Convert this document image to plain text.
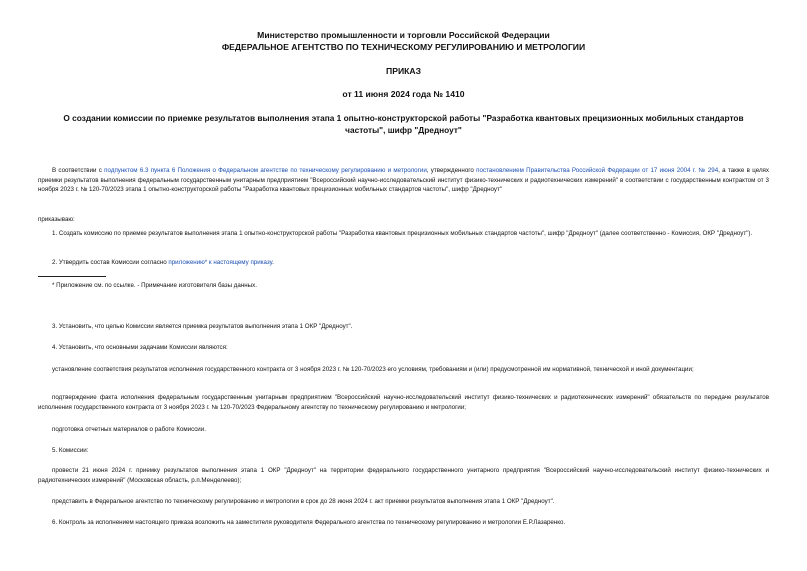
Министерство промышленности и торговли Российской Федерации
ФЕДЕРАЛЬНОЕ АГЕНТСТВО ПО ТЕХНИЧЕСКОМУ РЕГУЛИРОВАНИЮ И МЕТРОЛОГИИ
ПРИКАЗ
от 11 июня 2024 года № 1410
О создании комиссии по приемке результатов выполнения этапа 1 опытно-конструкторской работы "Разработка квантовых прецизионных мобильных стандартов
частоты", шифр "Дредноут"
В соответствии с подпунктом 6.3 пункта 6 Положения о Федеральном агентстве по техническому регулированию и метрологии, утвержденного постановлением Правительства Российской Федерации от 17 июня 2004 г. № 294, а также в целях приемки результатов выполнения федеральным государственным унитарным предприятием "Всероссийский научно-исследовательский институт физико-технических и радиотехнических измерений" в соответствии с государственным контрактом от 3 ноября 2023 г. № 120-70/2023 этапа 1 опытно-конструкторской работы "Разработка квантовых прецизионных мобильных стандартов частоты", шифр "Дредноут"
приказываю:
1. Создать комиссию по приемке результатов выполнения этапа 1 опытно-конструкторской работы "Разработка квантовых прецизионных мобильных стандартов частоты", шифр "Дредноут" (далее соответственно - Комиссия, ОКР "Дредноут").
2. Утвердить состав Комиссии согласно приложению* к настоящему приказу.
* Приложение см. по ссылке. - Примечание изготовителя базы данных.
3. Установить, что целью Комиссии является приемка результатов выполнения этапа 1 ОКР "Дредноут".
4. Установить, что основными задачами Комиссии являются:
установление соответствия результатов исполнения государственного контракта от 3 ноября 2023 г. № 120-70/2023 его условиям, требованиям и (или) предусмотренной им нормативной, технической и иной документации;
подтверждение факта исполнения федеральным государственным унитарным предприятием "Всероссийский научно-исследовательский институт физико-технических и радиотехнических измерений" обязательств по передаче результатов исполнения государственного контракта от 3 ноября 2023 г. № 120-70/2023 Федеральному агентству по техническому регулированию и метрологии;
подготовка отчетных материалов о работе Комиссии.
5. Комиссии:
провести 21 июня 2024 г. приемку результатов выполнения этапа 1 ОКР "Дредноут" на территории федерального государственного унитарного предприятия "Всероссийский научно-исследовательский институт физико-технических и радиотехнических измерений" (Московская область, р.п.Менделеево);
представить в Федеральное агентство по техническому регулированию и метрологии в срок до 28 июня 2024 г. акт приемки результатов выполнения этапа 1 ОКР "Дредноут".
6. Контроль за исполнением настоящего приказа возложить на заместителя руководителя Федерального агентства по техническому регулированию и метрологии Е.Р.Лазаренко.
